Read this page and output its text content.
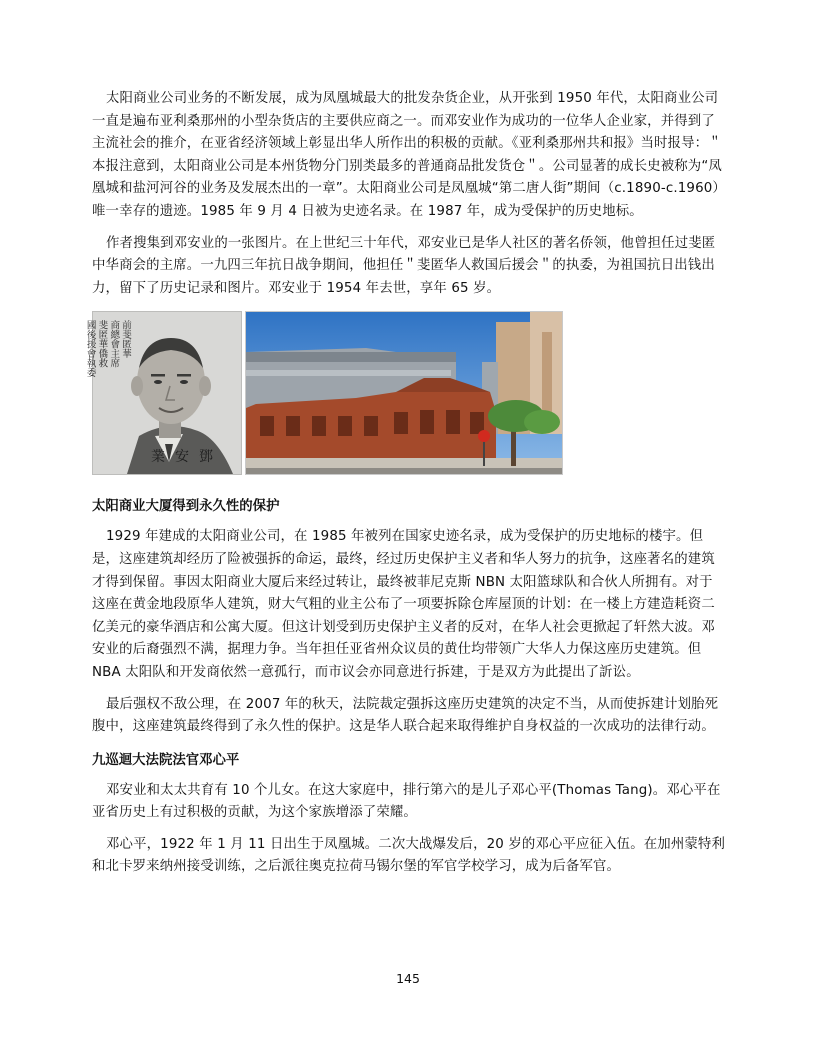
太阳商业公司业务的不断发展，成为凤凰城最大的批发杂货企业，从开张到 1950 年代，太阳商业公司一直是遍布亚利桑那州的小型杂货店的主要供应商之一。而邓安业作为成功的一位华人企业家，并得到了主流社会的推介，在亚省经济领域上彰显出华人所作出的积极的贡献。《亚利桑那州共和报》当时报导：＂本报注意到，太阳商业公司是本州货物分门别类最多的普通商品批发货仓＂。公司显著的成长史被称为“凤凰城和盐河河谷的业务及发展杰出的一章”。太阳商业公司是凤凰城“第二唐人街”期间（c.1890-c.1960）唯一幸存的遗迹。1985 年 9 月 4 日被为史迹名录。在 1987 年，成为受保护的历史地标。

作者搜集到邓安业的一张图片。在上世纪三十年代，邓安业已是华人社区的著名侨领，他曾担任过斐匿中华商会的主席。一九四三年抗日战争期间，他担任＂斐匿华人救国后援会＂的执委，为祖国抗日出钱出力，留下了历史记录和图片。邓安业于 1954 年去世，享年 65 岁。

前斐匿華
商總會主席
斐匿華僑救
國後援會執委
鄧安業
太阳商业大厦得到永久性的保护

1929 年建成的太阳商业公司，在 1985 年被列在国家史迹名录，成为受保护的历史地标的楼宇。但是，这座建筑却经历了险被强拆的命运，最终，经过历史保护主义者和华人努力的抗争，这座著名的建筑才得到保留。事因太阳商业大厦后来经过转让，最终被菲尼克斯 NBN 太阳篮球队和合伙人所拥有。对于这座在黄金地段原华人建筑，财大气粗的业主公布了一项要拆除仓库屋顶的计划：在一楼上方建造耗资二亿美元的豪华酒店和公寓大厦。但这计划受到历史保护主义者的反对，在华人社会更掀起了轩然大波。邓安业的后裔强烈不满，据理力争。当年担任亚省州众议员的黄仕均带领广大华人力保这座历史建筑。但 NBA 太阳队和开发商依然一意孤行，而市议会亦同意进行拆建，于是双方为此提出了訢讼。

最后强权不敌公理，在 2007 年的秋天，法院裁定强拆这座历史建筑的决定不当，从而使拆建计划胎死腹中，这座建筑最终得到了永久性的保护。这是华人联合起来取得维护自身权益的一次成功的法律行动。

九巡迴大法院法官邓心平

邓安业和太太共育有 10 个儿女。在这大家庭中，排行第六的是儿子邓心平(Thomas Tang)。邓心平在亚省历史上有过积极的贡献，为这个家族增添了荣耀。

邓心平，1922 年 1 月 11 日出生于凤凰城。二次大战爆发后，20 岁的邓心平应征入伍。在加州蒙特利和北卡罗来纳州接受训练，之后派往奥克拉荷马锡尔堡的军官学校学习，成为后备军官。

145
